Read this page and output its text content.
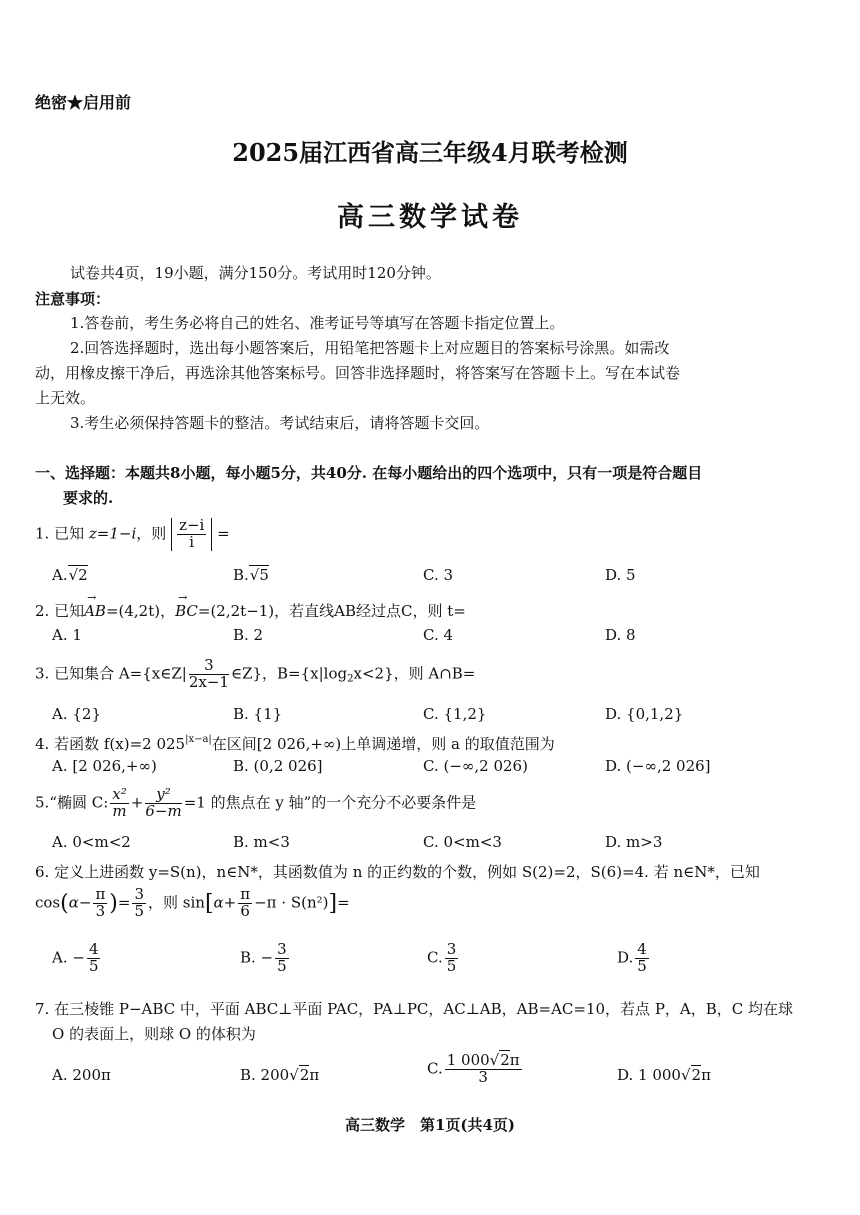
绝密★启用前
2025届江西省高三年级4月联考检测
高三数学试卷
试卷共4页，19小题，满分150分。考试用时120分钟。
注意事项：
1.答卷前，考生务必将自己的姓名、准考证号等填写在答题卡指定位置上。
2.回答选择题时，选出每小题答案后，用铅笔把答题卡上对应题目的答案标号涂黑。如需改
动，用橡皮擦干净后，再选涂其他答案标号。回答非选择题时，将答案写在答题卡上。写在本试卷
上无效。
3.考生必须保持答题卡的整洁。考试结束后，请将答题卡交回。
一、选择题：本题共8小题，每小题5分，共40分. 在每小题给出的四个选项中，只有一项是符合题目
要求的.
1. 已知 z=1−i，则 $\frac{z-i}{i}$ =
A.√2	B.√5	C. 3	D. 5
2. 已知→ AB=(4,2t)，→ BC=(2,2t−1)，若直线AB经过点C，则 t=
A. 1	B. 2	C. 4	D. 8
3. 已知集合 A={x∈Z| $\frac{3}{2x-1}$ ∈Z}，$B=\{x|\log_2x<2\}$，则 A∩B=
A. {2}	B. {1}	C. {1,2}	D. {0,1,2}
4. 若函数 f(x)=2 $025^{|x-a|}$在区间[2 026,+∞)上单调递增，则 a 的取值范围为
A. [2 026,+∞)	B. (0,2 026]	C. (−∞,2 026)	D. (−∞,2 026]
5.“椭圆 C: $\frac{\text{x²}}{m} + \frac{\text{y²}}{6-m} =1$ 的焦点在 y 轴”的一个充分不必要条件是
A. 0<m<2	B. m<3	C. 0<m<3	D. m>3
6. 定义上进函数 y=S(n)，n∈N*，其函数值为 n 的正约数的个数，例如 S(2)=2，S(6)=4. 若 n∈N*，已知
$\cos(\alpha- \frac{\pi}{3}$ )= $\frac{3}{5}$ ，则 $\sin[\alpha+ \frac{\pi}{6} -\pi \cdot S(n^2)]=$
A. − $\frac{4}{5}$	B. − $\frac{3}{5}$	C. $\frac{3}{5}$	D. $\frac{4}{5}$
7. 在三棱锥 P−ABC 中，平面 ABC⊥平面 PAC，PA⊥PC，AC⊥AB，AB=AC=10，若点 P，A，B，C 均在球
O 的表面上，则球 O 的体积为
A. 200π	B. 200√2π	C. $\frac{1 000√2\pi}{3}$	D. 1 000√2π
高三数学　第1页(共4页)
